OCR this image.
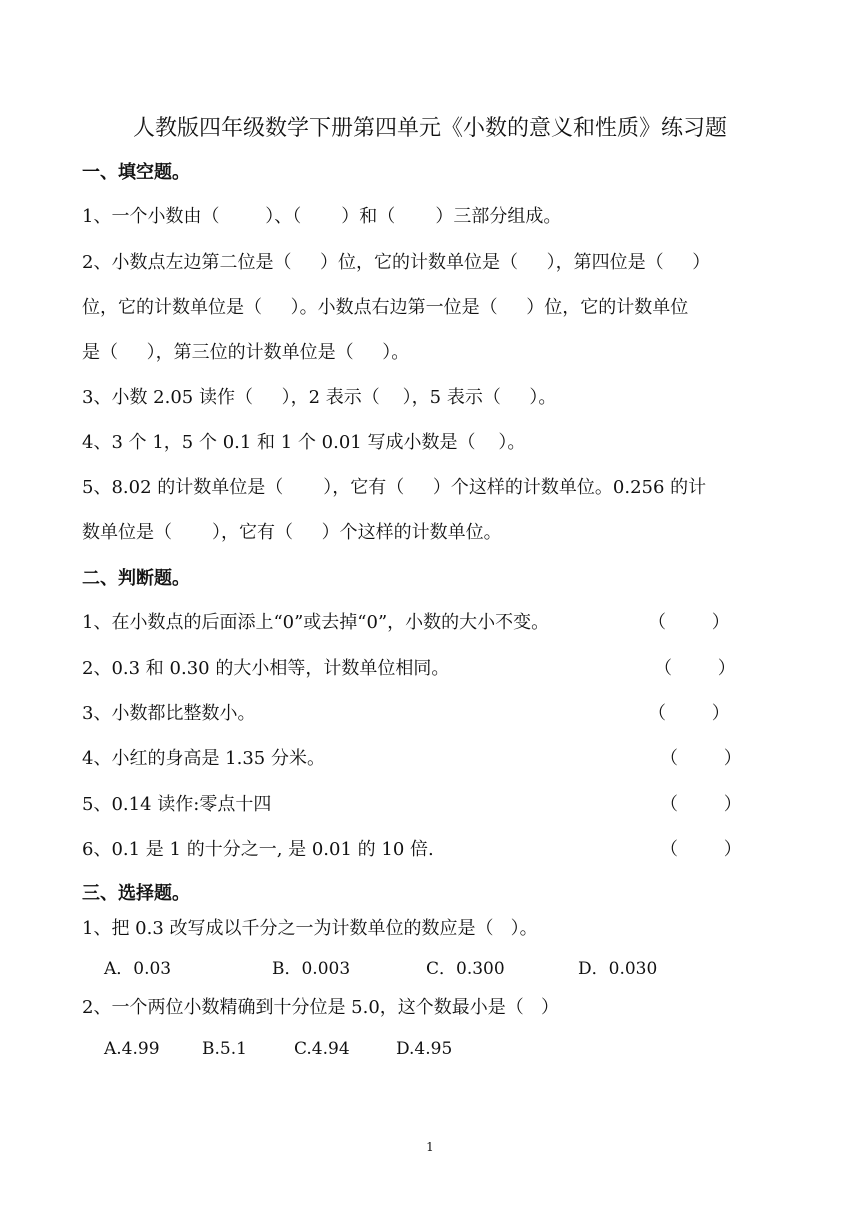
人教版四年级数学下册第四单元《小数的意义和性质》练习题
一、填空题。
1、一个小数由（        ）、（       ）和（       ）三部分组成。
2、小数点左边第二位是（     ）位，它的计数单位是（     ），第四位是（     ）
位，它的计数单位是（     ）。小数点右边第一位是（     ）位，它的计数单位
是（     ），第三位的计数单位是（     ）。
3、小数 2.05 读作（     ），2 表示（    ），5 表示（     ）。
4、3 个 1，5 个 0.1 和 1 个 0.01 写成小数是（    ）。
5、8.02 的计数单位是（       ），它有（     ）个这样的计数单位。0.256 的计
数单位是（       ），它有（     ）个这样的计数单位。
二、判断题。
1、在小数点的后面添上“0”或去掉“0”，小数的大小不变。	（        ）
2、0.3 和 0.30 的大小相等，计数单位相同。	（        ）
3、小数都比整数小。	（        ）
4、小红的身高是 1.35 分米。	（        ）
5、0.14 读作:零点十四	（        ）
6、0.1 是 1 的十分之一, 是 0.01 的 10 倍.	（        ）
三、选择题。
1、把 0.3 改写成以千分之一为计数单位的数应是（   ）。
A．0.03	B．0.003	C．0.300	D．0.030
2、一个两位小数精确到十分位是 5.0，这个数最小是（   ）
A.4.99 B.5.1	C.4.94	D.4.95
1
